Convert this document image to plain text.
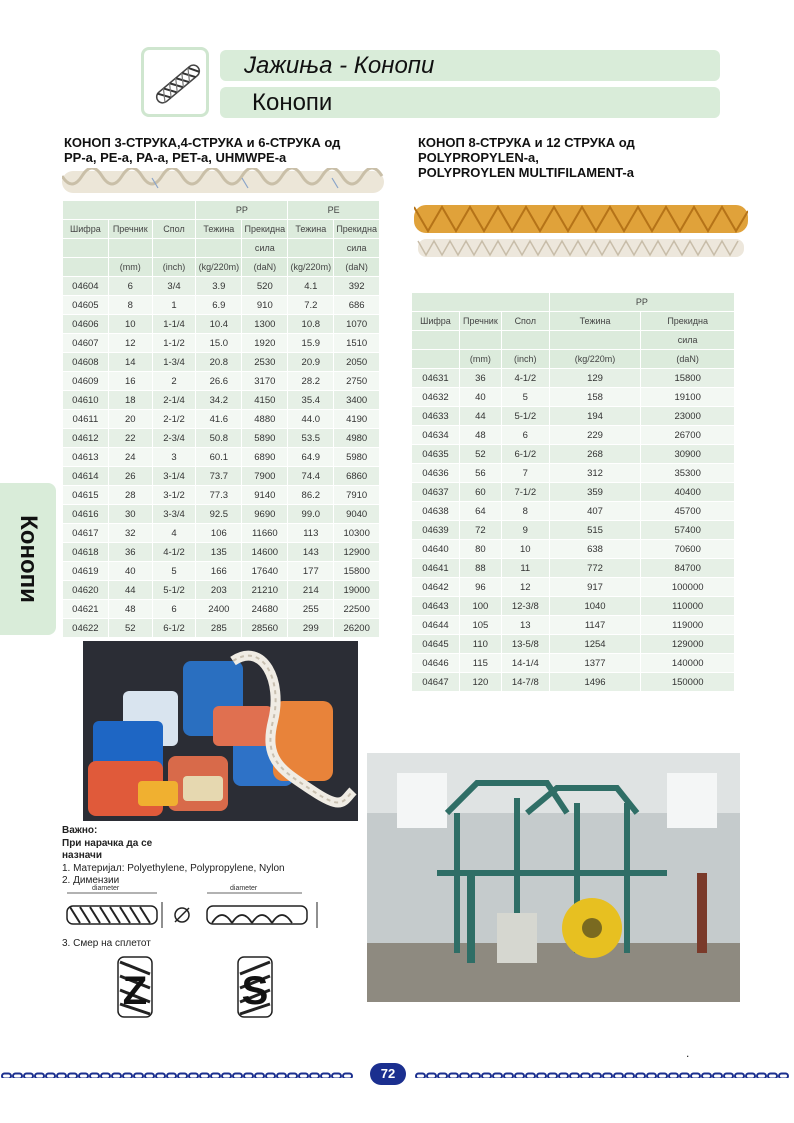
Јажиња - Конопи
Конопи
Конопи
КОНОП 3-СТРУКА,4-СТРУКА и 6-СТРУКА од
PP-a, PE-a, PA-a, PET-a, UHMWPE-a
			PP		PE	
Шифра	Пречник	Спол	Тежина	Прекидна	Тежина	Прекидна
				сила		сила
	(mm)	(inch)	(kg/220m)	(daN)	(kg/220m)	(daN)
04604	6	3/4	3.9	520	4.1	392
04605	8	1	6.9	910	7.2	686
04606	10	1-1/4	10.4	1300	10.8	1070
04607	12	1-1/2	15.0	1920	15.9	1510
04608	14	1-3/4	20.8	2530	20.9	2050
04609	16	2	26.6	3170	28.2	2750
04610	18	2-1/4	34.2	4150	35.4	3400
04611	20	2-1/2	41.6	4880	44.0	4190
04612	22	2-3/4	50.8	5890	53.5	4980
04613	24	3	60.1	6890	64.9	5980
04614	26	3-1/4	73.7	7900	74.4	6860
04615	28	3-1/2	77.3	9140	86.2	7910
04616	30	3-3/4	92.5	9690	99.0	9040
04617	32	4	106	11660	113	10300
04618	36	4-1/2	135	14600	143	12900
04619	40	5	166	17640	177	15800
04620	44	5-1/2	203	21210	214	19000
04621	48	6	2400	24680	255	22500
04622	52	6-1/2	285	28560	299	26200
КОНОП 8-СТРУКА и 12 СТРУКА од
POLYPROPYLEN-a,
POLYPROYLEN MULTIFILAMENT-a
			PP	
Шифра	Пречник	Спол	Тежина	Прекидна
				сила
	(mm)	(inch)	(kg/220m)	(daN)
04631	36	4-1/2	129	15800
04632	40	5	158	19100
04633	44	5-1/2	194	23000
04634	48	6	229	26700
04635	52	6-1/2	268	30900
04636	56	7	312	35300
04637	60	7-1/2	359	40400
04638	64	8	407	45700
04639	72	9	515	57400
04640	80	10	638	70600
04641	88	11	772	84700
04642	96	12	917	100000
04643	100	12-3/8	1040	110000
04644	105	13	1147	119000
04645	110	13-5/8	1254	129000
04646	115	14-1/4	1377	140000
04647	120	14-7/8	1496	150000
Важно:
При нарачка да се
назначи
1. Материјал: Polyethylene, Polypropylene, Nylon
2. Димензии
diameter	diameter
3. Смер на сплетот
Z S
.
72
